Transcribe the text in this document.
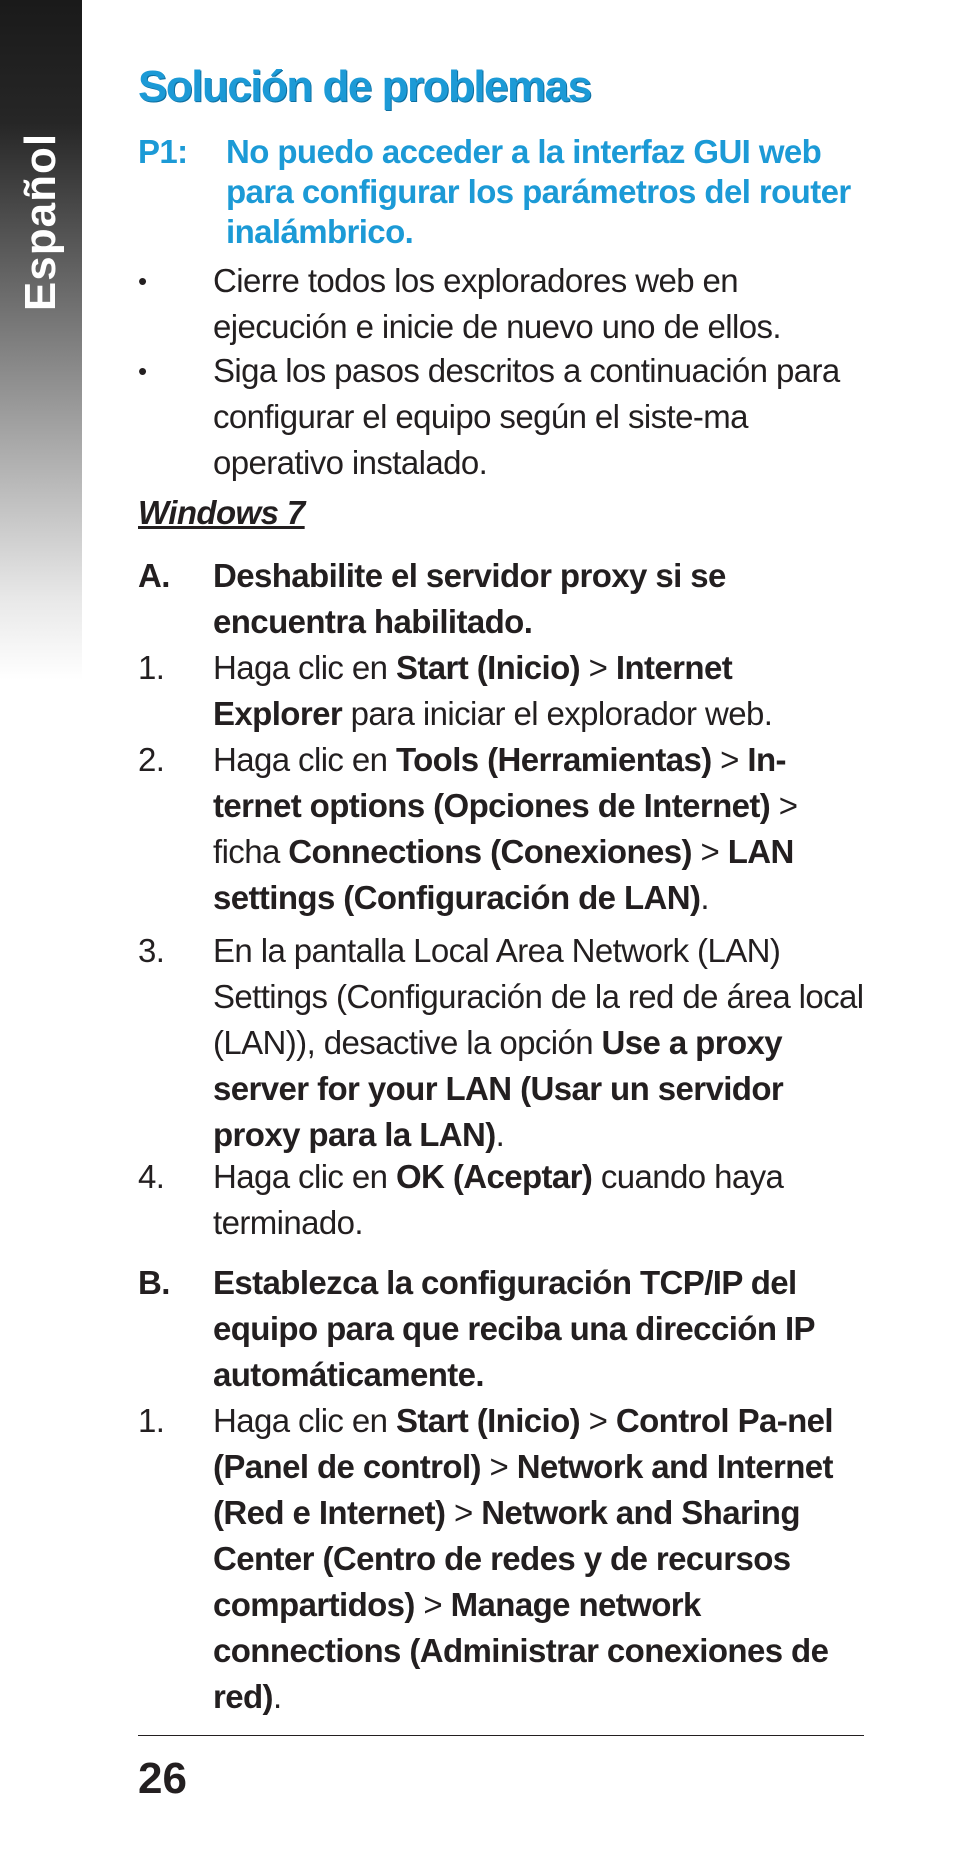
Español
Solución de problemas
P1: No puedo acceder a la interfaz GUI web para configurar los parámetros del router inalámbrico.
• Cierre todos los exploradores web en ejecución e inicie de nuevo uno de ellos.
• Siga los pasos descritos a continuación para configurar el equipo según el siste-ma operativo instalado.
Windows 7
A. Deshabilite el servidor proxy si se encuentra habilitado.
1. Haga clic en Start (Inicio) > Internet Explorer para iniciar el explorador web.
2. Haga clic en Tools (Herramientas) > In-ternet options (Opciones de Internet) > ficha Connections (Conexiones) > LAN settings (Configuración de LAN).
3. En la pantalla Local Area Network (LAN) Settings (Configuración de la red de área local (LAN)), desactive la opción Use a proxy server for your LAN (Usar un servidor proxy para la LAN).
4. Haga clic en OK (Aceptar) cuando haya terminado.
B. Establezca la configuración TCP/IP del equipo para que reciba una dirección IP automáticamente.
1. Haga clic en Start (Inicio) > Control Pa-nel (Panel de control) > Network and Internet (Red e Internet) > Network and Sharing Center (Centro de redes y de recursos compartidos) > Manage network connections (Administrar conexiones de red).
26
